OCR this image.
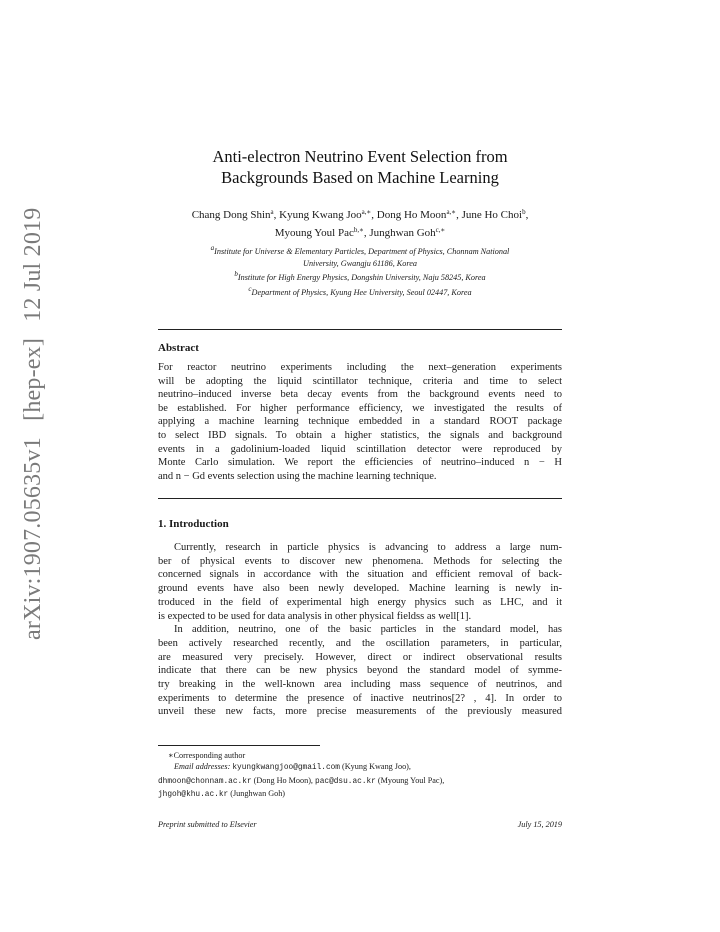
arXiv:1907.05635v1 [hep-ex] 12 Jul 2019
Anti-electron Neutrino Event Selection from
Backgrounds Based on Machine Learning
Chang Dong Shin$^a$, Kyung Kwang Joo$^{a,∗}$, Dong Ho Moon$^{a,∗}$, June Ho Choi$^b$,
Myoung Youl Pac$^{b,∗}$, Junghwan Goh$^{c,∗}$
$^a$Institute for Universe & Elementary Particles, Department of Physics, Chonnam National
University, Gwangju 61186, Korea
$^b$Institute for High Energy Physics, Dongshin University, Naju 58245, Korea
$^c$Department of Physics, Kyung Hee University, Seoul 02447, Korea
Abstract
For reactor neutrino experiments including the next–generation experiments
will be adopting the liquid scintillator technique, criteria and time to select
neutrino–induced inverse beta decay events from the background events need to
be established. For higher performance efficiency, we investigated the results of
applying a machine learning technique embedded in a standard ROOT package
to select IBD signals. To obtain a higher statistics, the signals and background
events in a gadolinium-loaded liquid scintillation detector were reproduced by
Monte Carlo simulation. We report the efficiencies of neutrino–induced n − H
and n − Gd events selection using the machine learning technique.
1. Introduction
Currently, research in particle physics is advancing to address a large num-
ber of physical events to discover new phenomena. Methods for selecting the
concerned signals in accordance with the situation and efficient removal of back-
ground events have also been newly developed. Machine learning is newly in-
troduced in the field of experimental high energy physics such as LHC, and it
is expected to be used for data analysis in other physical fieldss as well[1].
In addition, neutrino, one of the basic particles in the standard model, has
been actively researched recently, and the oscillation parameters, in particular,
are measured very precisely. However, direct or indirect observational results
indicate that there can be new physics beyond the standard model of symme-
try breaking in the well-known area including mass sequence of neutrinos, and
experiments to determine the presence of inactive neutrinos[2? , 4]. In order to
unveil these new facts, more precise measurements of the previously measured
∗Corresponding author
Email addresses: kyungkwangjoo@gmail.com (Kyung Kwang Joo),
dhmoon@chonnam.ac.kr (Dong Ho Moon), pac@dsu.ac.kr (Myoung Youl Pac),
jhgoh@khu.ac.kr (Junghwan Goh)
Preprint submitted to Elsevier	July 15, 2019
